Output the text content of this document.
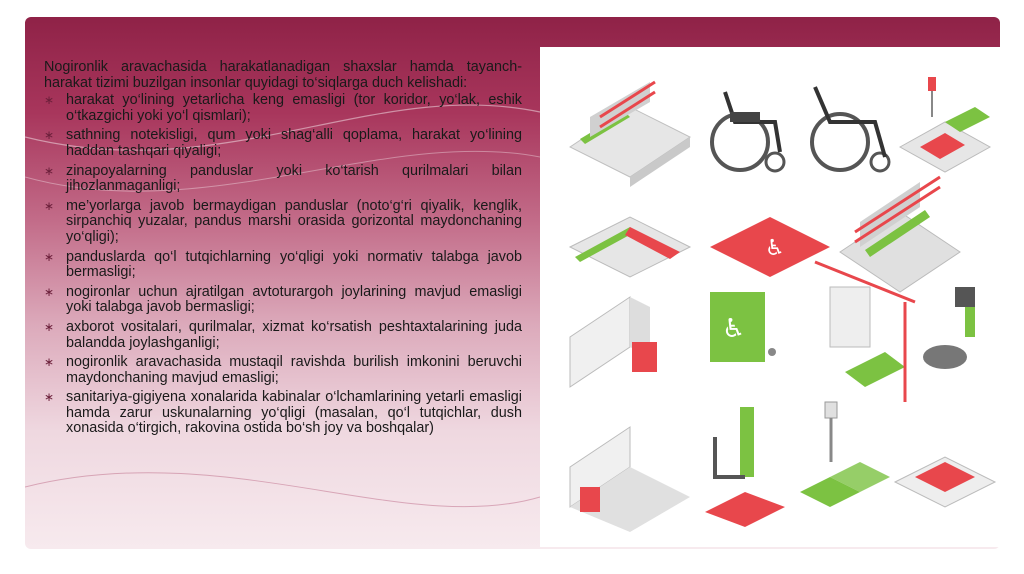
Nogironlik aravachasida harakatlanadigan shaxslar hamda tayanch-harakat tizimi buzilgan insonlar quyidagi to‘siqlarga duch kelishadi:

∗ harakat yo‘lining yetarlicha keng emasligi (tor koridor, yo‘lak, eshik o‘tkazgichi yoki yo‘l qismlari);
∗ sathning notekisligi, qum yoki shag‘alli qoplama, harakat yo‘lining haddan tashqari qiyaligi;
∗ zinapoyalarning panduslar yoki ko‘tarish qurilmalari bilan jihozlanmaganligi;
∗ me’yorlarga javob bermaydigan panduslar (noto‘g‘ri qiyalik, kenglik, sirpanchiq yuzalar, pandus marshi orasida gorizontal maydonchaning yo‘qligi);
∗ panduslarda qo‘l tutqichlarning yo‘qligi yoki normativ talabga javob bermasligi;
∗ nogironlar uchun ajratilgan avtoturargoh joylarining mavjud emasligi yoki talabga javob bermasligi;
∗ axborot vositalari, qurilmalar, xizmat ko‘rsatish peshtaxtalarining juda balandda joylashganligi;
∗ nogironlik aravachasida mustaqil ravishda burilish imkonini beruvchi maydonchaning mavjud emasligi;
∗ sanitariya-gigiyena xonalarida kabinalar o‘lchamlarining yetarli emasligi hamda zarur uskunalarning yo‘qligi (masalan, qo‘l tutqichlar, dush xonasida o‘tirgich, rakovina ostida bo‘sh joy va boshqalar)
♿
♿
